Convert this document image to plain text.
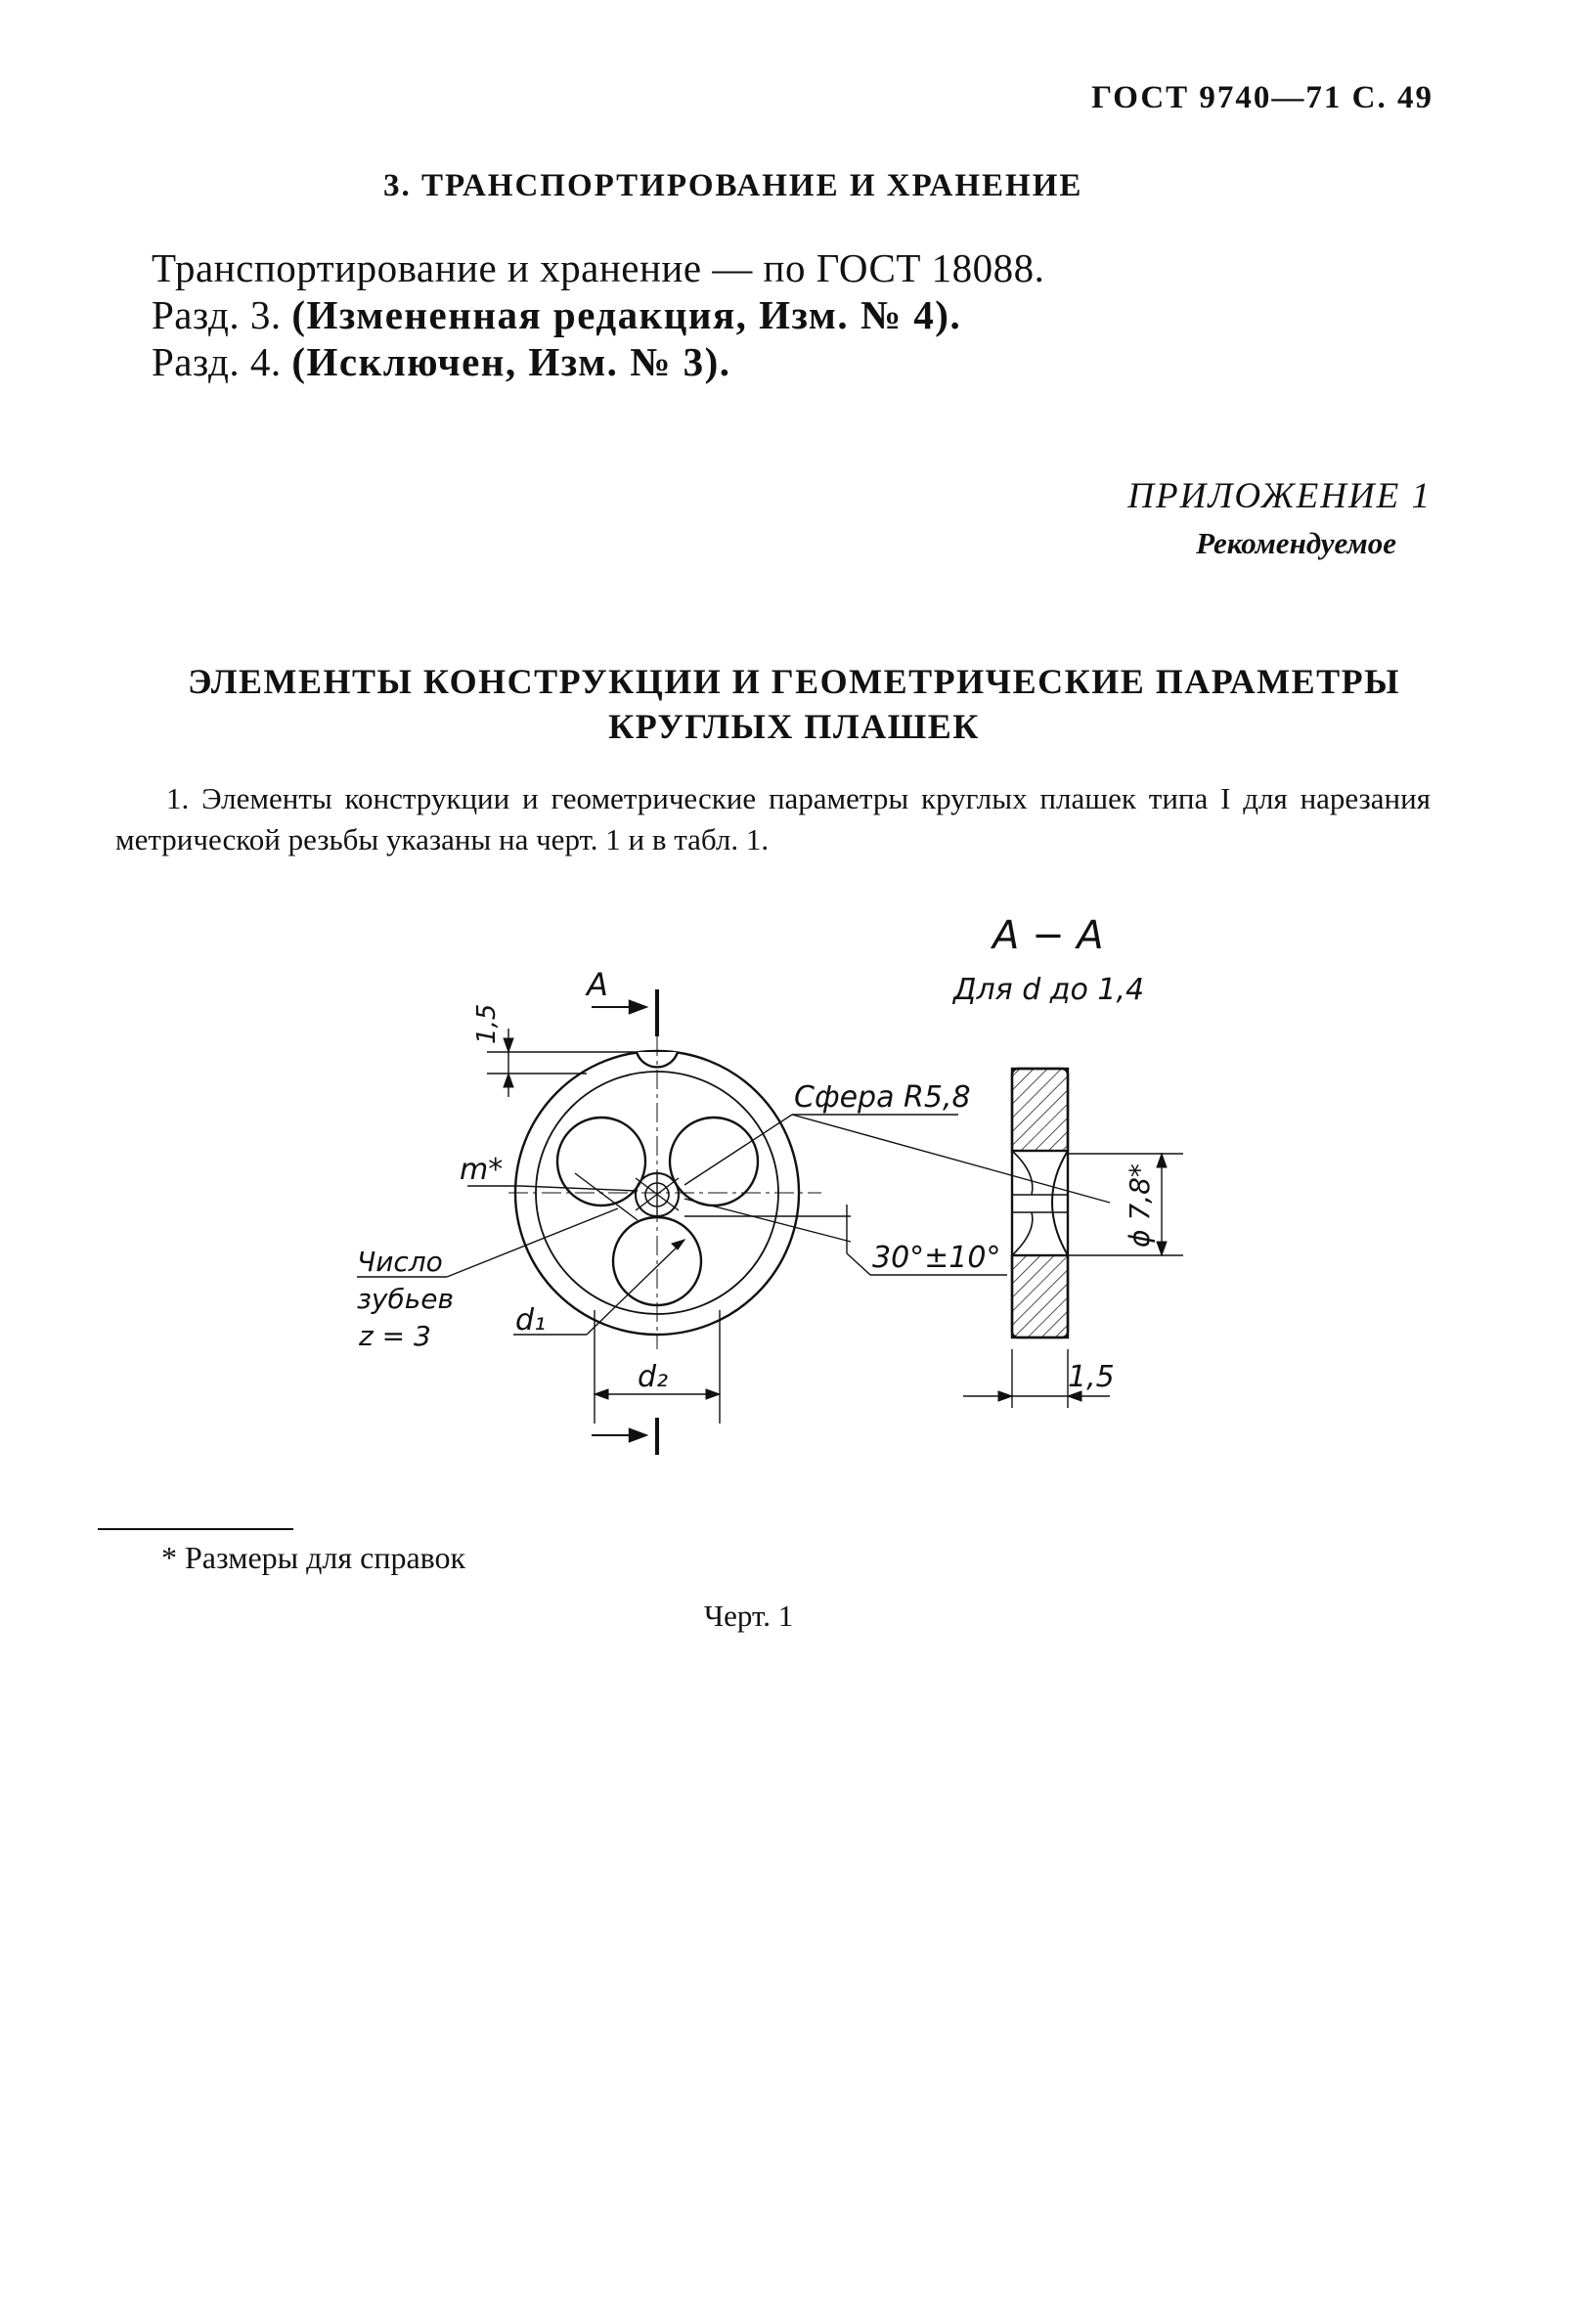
ГОСТ 9740—71 С. 49
3. ТРАНСПОРТИРОВАНИЕ И ХРАНЕНИЕ
Транспортирование и хранение — по ГОСТ 18088.
Разд. 3. (Измененная редакция, Изм. № 4).
Разд. 4. (Исключен, Изм. № 3).
ПРИЛОЖЕНИЕ 1
Рекомендуемое
ЭЛЕМЕНТЫ КОНСТРУКЦИИ И ГЕОМЕТРИЧЕСКИЕ ПАРАМЕТРЫ
КРУГЛЫХ ПЛАШЕК
1. Элементы конструкции и геометрические параметры круглых плашек типа I для нарезания метрической резьбы указаны на черт. 1 и в табл. 1.
А − А
Для d до 1,4
А
1,5
Сфера R5,8
m*
30°±10°
Число
зубьев
z = 3	d₁
d₂
ϕ 7,8*
1,5
* Размеры для справок
Черт. 1
